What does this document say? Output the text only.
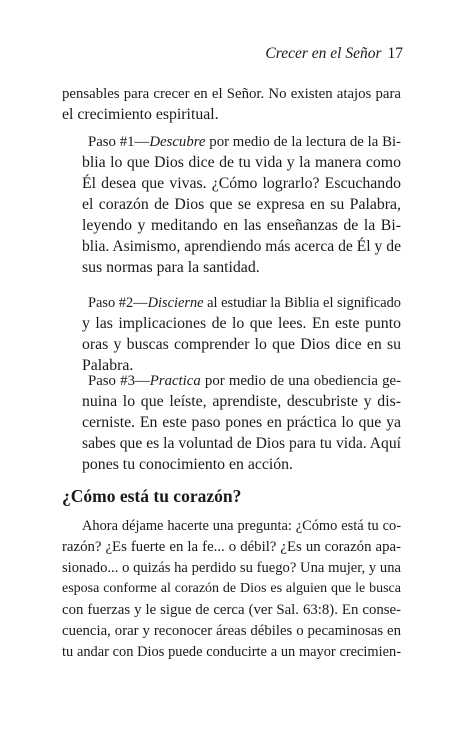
Crecer en el Señor 17
pensables para crecer en el Señor. No existen atajos para
el crecimiento espiritual.
Paso #1—Descubre por medio de la lectura de la Bi-
blia lo que Dios dice de tu vida y la manera como
Él desea que vivas. ¿Cómo lograrlo? Escuchando
el corazón de Dios que se expresa en su Palabra,
leyendo y meditando en las enseñanzas de la Bi-
blia. Asimismo, aprendiendo más acerca de Él y de
sus normas para la santidad.
Paso #2—Discierne al estudiar la Biblia el significado
y las implicaciones de lo que lees. En este punto
oras y buscas comprender lo que Dios dice en su
Palabra.
Paso #3—Practica por medio de una obediencia ge-
nuina lo que leíste, aprendiste, descubriste y dis-
cerniste. En este paso pones en práctica lo que ya
sabes que es la voluntad de Dios para tu vida. Aquí
pones tu conocimiento en acción.
¿Cómo está tu corazón?
Ahora déjame hacerte una pregunta: ¿Cómo está tu co-
razón? ¿Es fuerte en la fe... o débil? ¿Es un corazón apa-
sionado... o quizás ha perdido su fuego? Una mujer, y una
esposa conforme al corazón de Dios es alguien que le busca
con fuerzas y le sigue de cerca (ver Sal. 63:8). En conse-
cuencia, orar y reconocer áreas débiles o pecaminosas en
tu andar con Dios puede conducirte a un mayor crecimien-
